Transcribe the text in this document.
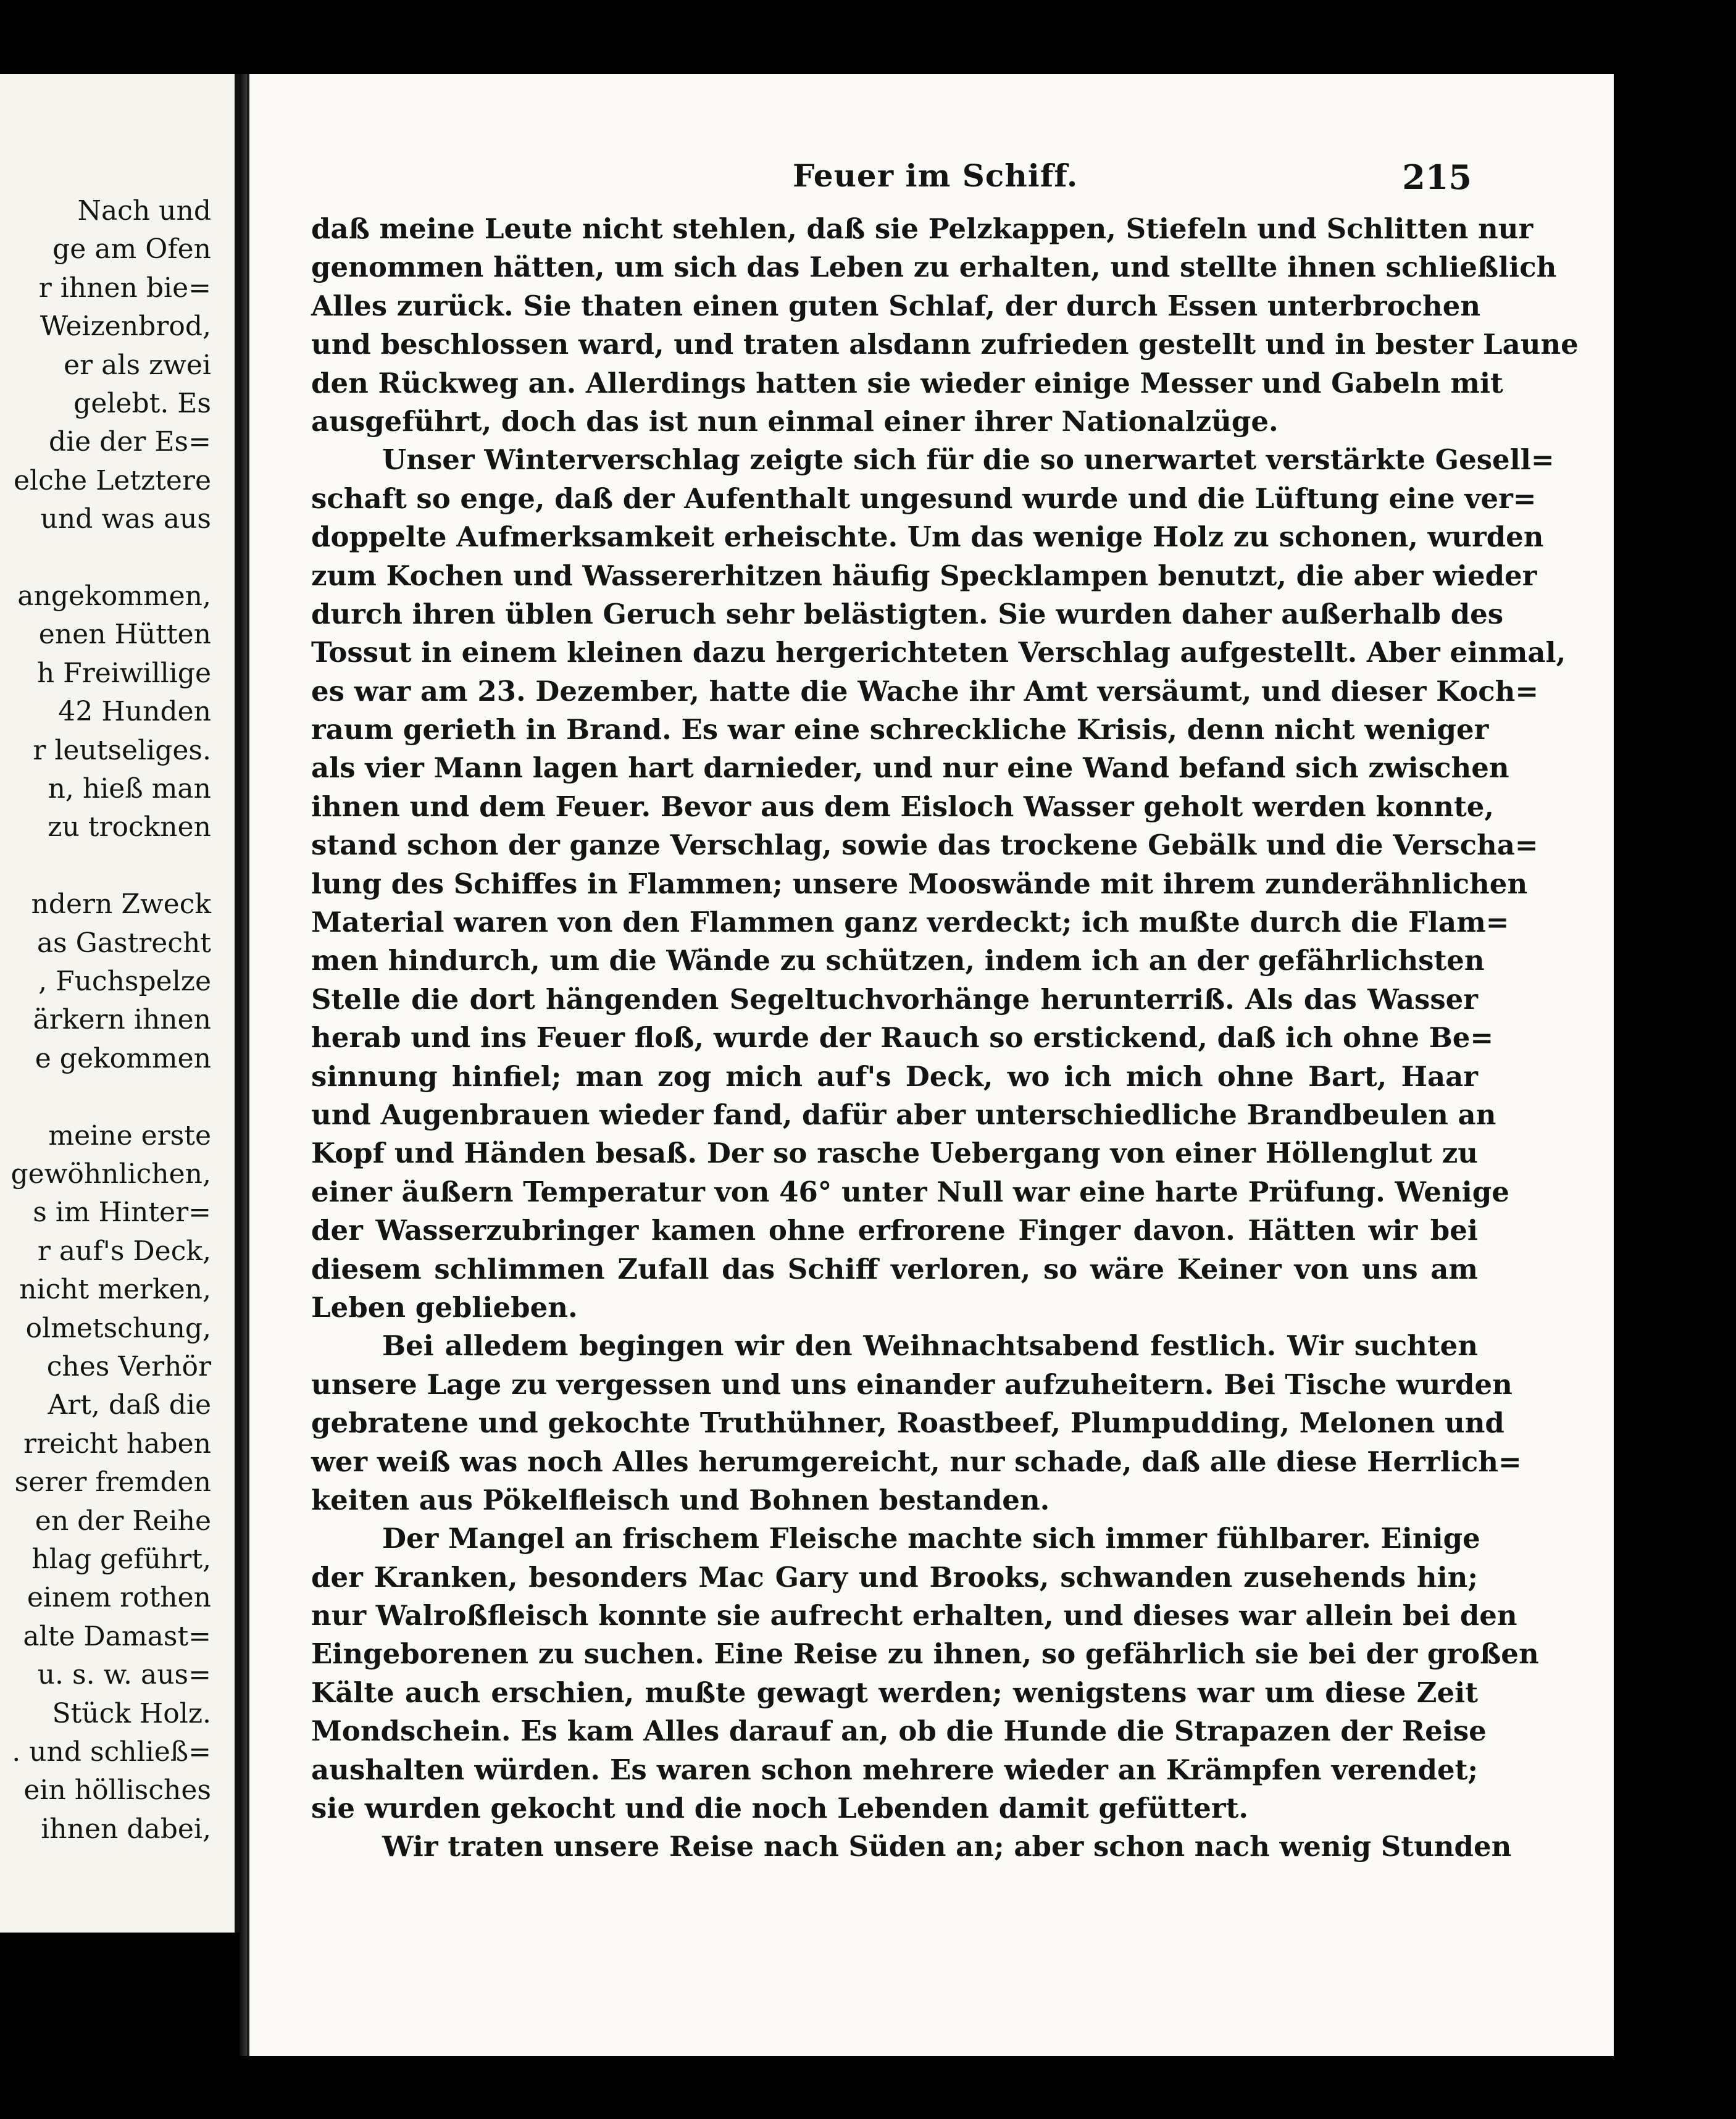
Nach und
ge am Ofen
r ihnen bie=
Weizenbrod,
er als zwei
gelebt. Es
die der Es=
elche Letztere
und was aus
angekommen,
enen Hütten
h Freiwillige
42 Hunden
r leutseliges.
n, hieß man
zu trocknen
ndern Zweck
as Gastrecht
, Fuchspelze
ärkern ihnen
e gekommen
meine erste
gewöhnlichen,
s im Hinter=
r auf's Deck,
nicht merken,
olmetschung,
ches Verhör
Art, daß die
rreicht haben
serer fremden
en der Reihe
hlag geführt,
einem rothen
alte Damast=
u. s. w. aus=
Stück Holz.
. und schließ=
ein höllisches
ihnen dabei,
Feuer im Schiff.	215
daß meine Leute nicht stehlen, daß sie Pelzkappen, Stiefeln und Schlitten nur
genommen hätten, um sich das Leben zu erhalten, und stellte ihnen schließlich
Alles zurück. Sie thaten einen guten Schlaf, der durch Essen unterbrochen
und beschlossen ward, und traten alsdann zufrieden gestellt und in bester Laune
den Rückweg an. Allerdings hatten sie wieder einige Messer und Gabeln mit
ausgeführt, doch das ist nun einmal einer ihrer Nationalzüge.
Unser Winterverschlag zeigte sich für die so unerwartet verstärkte Gesell=
schaft so enge, daß der Aufenthalt ungesund wurde und die Lüftung eine ver=
doppelte Aufmerksamkeit erheischte. Um das wenige Holz zu schonen, wurden
zum Kochen und Wassererhitzen häufig Specklampen benutzt, die aber wieder
durch ihren üblen Geruch sehr belästigten. Sie wurden daher außerhalb des
Tossut in einem kleinen dazu hergerichteten Verschlag aufgestellt. Aber einmal,
es war am 23. Dezember, hatte die Wache ihr Amt versäumt, und dieser Koch=
raum gerieth in Brand. Es war eine schreckliche Krisis, denn nicht weniger
als vier Mann lagen hart darnieder, und nur eine Wand befand sich zwischen
ihnen und dem Feuer. Bevor aus dem Eisloch Wasser geholt werden konnte,
stand schon der ganze Verschlag, sowie das trockene Gebälk und die Verscha=
lung des Schiffes in Flammen; unsere Mooswände mit ihrem zunderähnlichen
Material waren von den Flammen ganz verdeckt; ich mußte durch die Flam=
men hindurch, um die Wände zu schützen, indem ich an der gefährlichsten
Stelle die dort hängenden Segeltuchvorhänge herunterriß. Als das Wasser
herab und ins Feuer floß, wurde der Rauch so erstickend, daß ich ohne Be=
sinnung hinfiel; man zog mich auf's Deck, wo ich mich ohne Bart, Haar
und Augenbrauen wieder fand, dafür aber unterschiedliche Brandbeulen an
Kopf und Händen besaß. Der so rasche Uebergang von einer Höllenglut zu
einer äußern Temperatur von 46° unter Null war eine harte Prüfung. Wenige
der Wasserzubringer kamen ohne erfrorene Finger davon. Hätten wir bei
diesem schlimmen Zufall das Schiff verloren, so wäre Keiner von uns am
Leben geblieben.
Bei alledem begingen wir den Weihnachtsabend festlich. Wir suchten
unsere Lage zu vergessen und uns einander aufzuheitern. Bei Tische wurden
gebratene und gekochte Truthühner, Roastbeef, Plumpudding, Melonen und
wer weiß was noch Alles herumgereicht, nur schade, daß alle diese Herrlich=
keiten aus Pökelfleisch und Bohnen bestanden.
Der Mangel an frischem Fleische machte sich immer fühlbarer. Einige
der Kranken, besonders Mac Gary und Brooks, schwanden zusehends hin;
nur Walroßfleisch konnte sie aufrecht erhalten, und dieses war allein bei den
Eingeborenen zu suchen. Eine Reise zu ihnen, so gefährlich sie bei der großen
Kälte auch erschien, mußte gewagt werden; wenigstens war um diese Zeit
Mondschein. Es kam Alles darauf an, ob die Hunde die Strapazen der Reise
aushalten würden. Es waren schon mehrere wieder an Krämpfen verendet;
sie wurden gekocht und die noch Lebenden damit gefüttert.
Wir traten unsere Reise nach Süden an; aber schon nach wenig Stunden
